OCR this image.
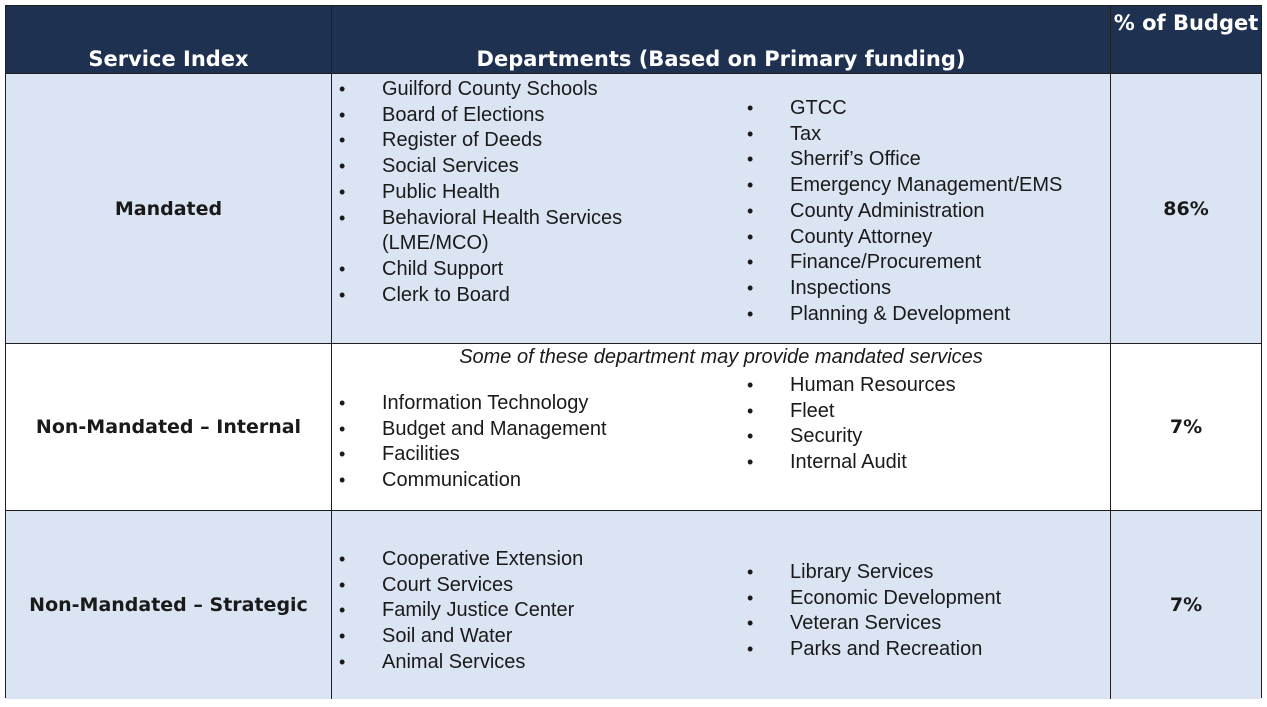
Service Index	Departments (Based on Primary funding)
% of Budget
Mandated
• Guilford County Schools
• Board of Elections
• Register of Deeds
• Social Services
• Public Health
• Behavioral Health Services
(LME/MCO)
• Child Support
• Clerk to Board
• GTCC
• Tax
• Sherrif’s Office
• Emergency Management/EMS
• County Administration
• County Attorney
• Finance/Procurement
• Inspections
• Planning & Development
86%
Non-Mandated – Internal
Some of these department may provide mandated services
• Information Technology
• Budget and Management
• Facilities
• Communication
• Human Resources
• Fleet
• Security
• Internal Audit
7%
Non-Mandated – Strategic
• Cooperative Extension
• Court Services
• Family Justice Center
• Soil and Water
• Animal Services
• Library Services
• Economic Development
• Veteran Services
• Parks and Recreation
7%
